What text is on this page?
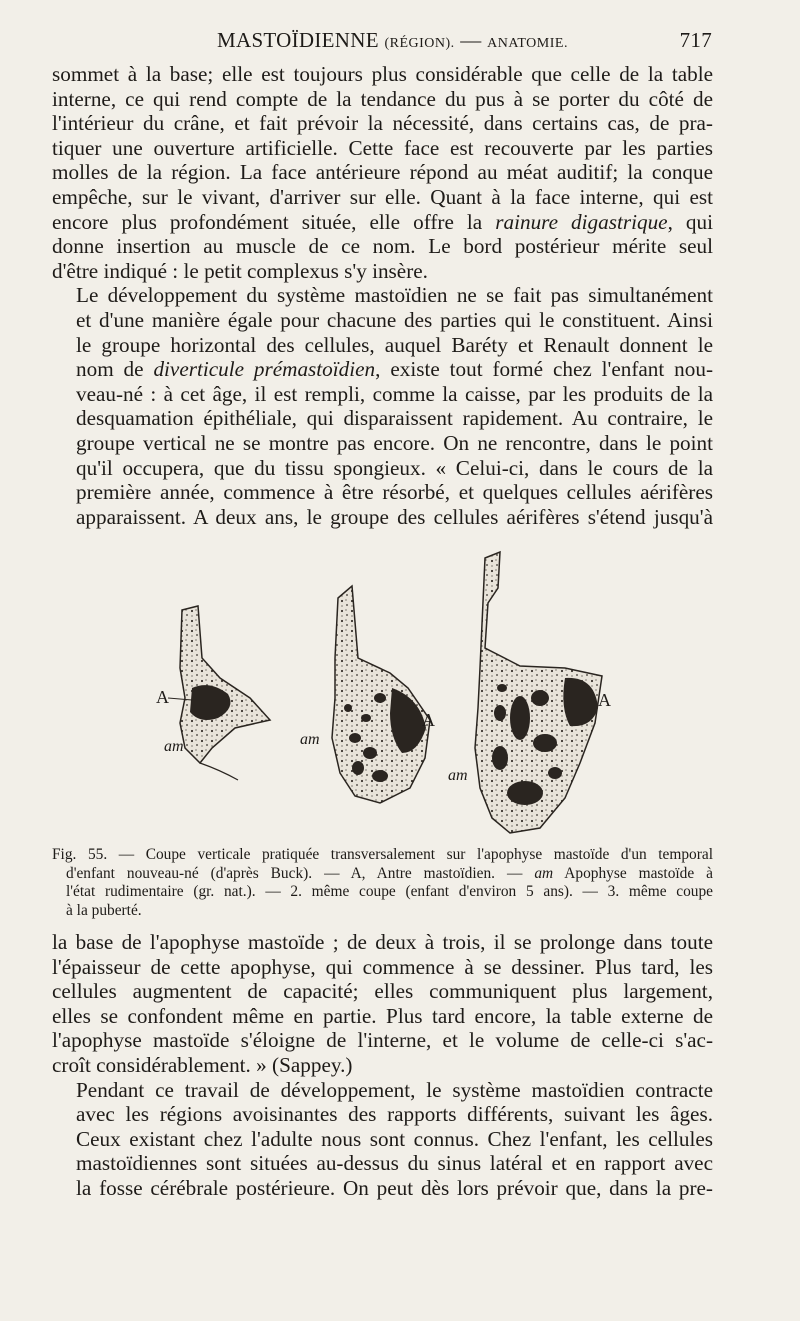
MASTOÏDIENNE (RÉGION). — ANATOMIE.	717

sommet à la base; elle est toujours plus considérable que celle de la table
interne, ce qui rend compte de la tendance du pus à se porter du côté de
l'intérieur du crâne, et fait prévoir la nécessité, dans certains cas, de pra-
tiquer une ouverture artificielle. Cette face est recouverte par les parties
molles de la région. La face antérieure répond au méat auditif; la conque
empêche, sur le vivant, d'arriver sur elle. Quant à la face interne, qui est
encore plus profondément située, elle offre la rainure digastrique, qui
donne insertion au muscle de ce nom. Le bord postérieur mérite seul
d'être indiqué : le petit complexus s'y insère.

Le développement du système mastoïdien ne se fait pas simultanément
et d'une manière égale pour chacune des parties qui le constituent. Ainsi
le groupe horizontal des cellules, auquel Baréty et Renault donnent le
nom de diverticule prémastoïdien, existe tout formé chez l'enfant nou-
veau-né : à cet âge, il est rempli, comme la caisse, par les produits de la
desquamation épithéliale, qui disparaissent rapidement. Au contraire, le
groupe vertical ne se montre pas encore. On ne rencontre, dans le point
qu'il occupera, que du tissu spongieux. « Celui-ci, dans le cours de la
première année, commence à être résorbé, et quelques cellules aérifères
apparaissent. A deux ans, le groupe des cellules aérifères s'étend jusqu'à

A
am
A
am
A
am
Fig. 55. — Coupe verticale pratiquée transversalement sur l'apophyse mastoïde d'un temporal
d'enfant nouveau-né (d'après Buck). — A, Antre mastoïdien. — am Apophyse mastoïde à
l'état rudimentaire (gr. nat.). — 2. même coupe (enfant d'environ 5 ans). — 3. même coupe
à la puberté.

la base de l'apophyse mastoïde ; de deux à trois, il se prolonge dans toute
l'épaisseur de cette apophyse, qui commence à se dessiner. Plus tard, les
cellules augmentent de capacité; elles communiquent plus largement,
elles se confondent même en partie. Plus tard encore, la table externe de
l'apophyse mastoïde s'éloigne de l'interne, et le volume de celle-ci s'ac-
croît considérablement. » (Sappey.)

Pendant ce travail de développement, le système mastoïdien contracte
avec les régions avoisinantes des rapports différents, suivant les âges.
Ceux existant chez l'adulte nous sont connus. Chez l'enfant, les cellules
mastoïdiennes sont situées au-dessus du sinus latéral et en rapport avec
la fosse cérébrale postérieure. On peut dès lors prévoir que, dans la pre-
